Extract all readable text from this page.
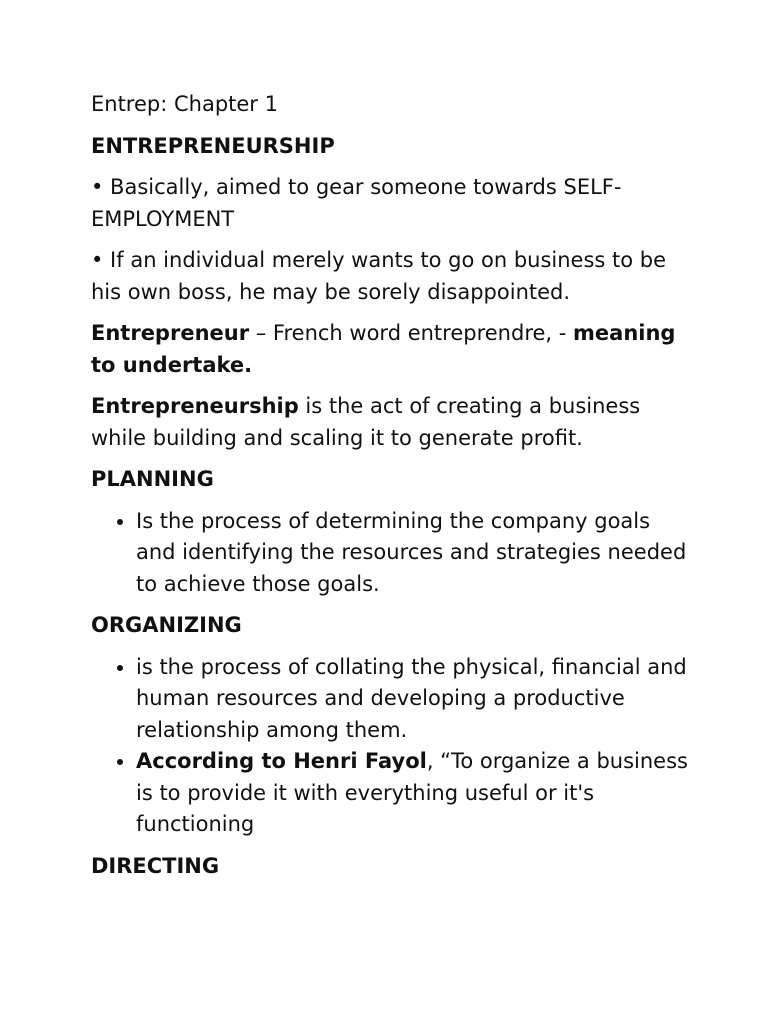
Entrep: Chapter 1

ENTREPRENEURSHIP

• Basically, aimed to gear someone towards SELF-EMPLOYMENT

• If an individual merely wants to go on business to be his own boss, he may be sorely disappointed.

Entrepreneur – French word entreprendre, - meaning to undertake.

Entrepreneurship is the act of creating a business while building and scaling it to generate profit.

PLANNING

• Is the process of determining the company goals and identifying the resources and strategies needed to achieve those goals.

ORGANIZING

• is the process of collating the physical, financial and human resources and developing a productive relationship among them.
• According to Henri Fayol, “To organize a business is to provide it with everything useful or it's functioning

DIRECTING
